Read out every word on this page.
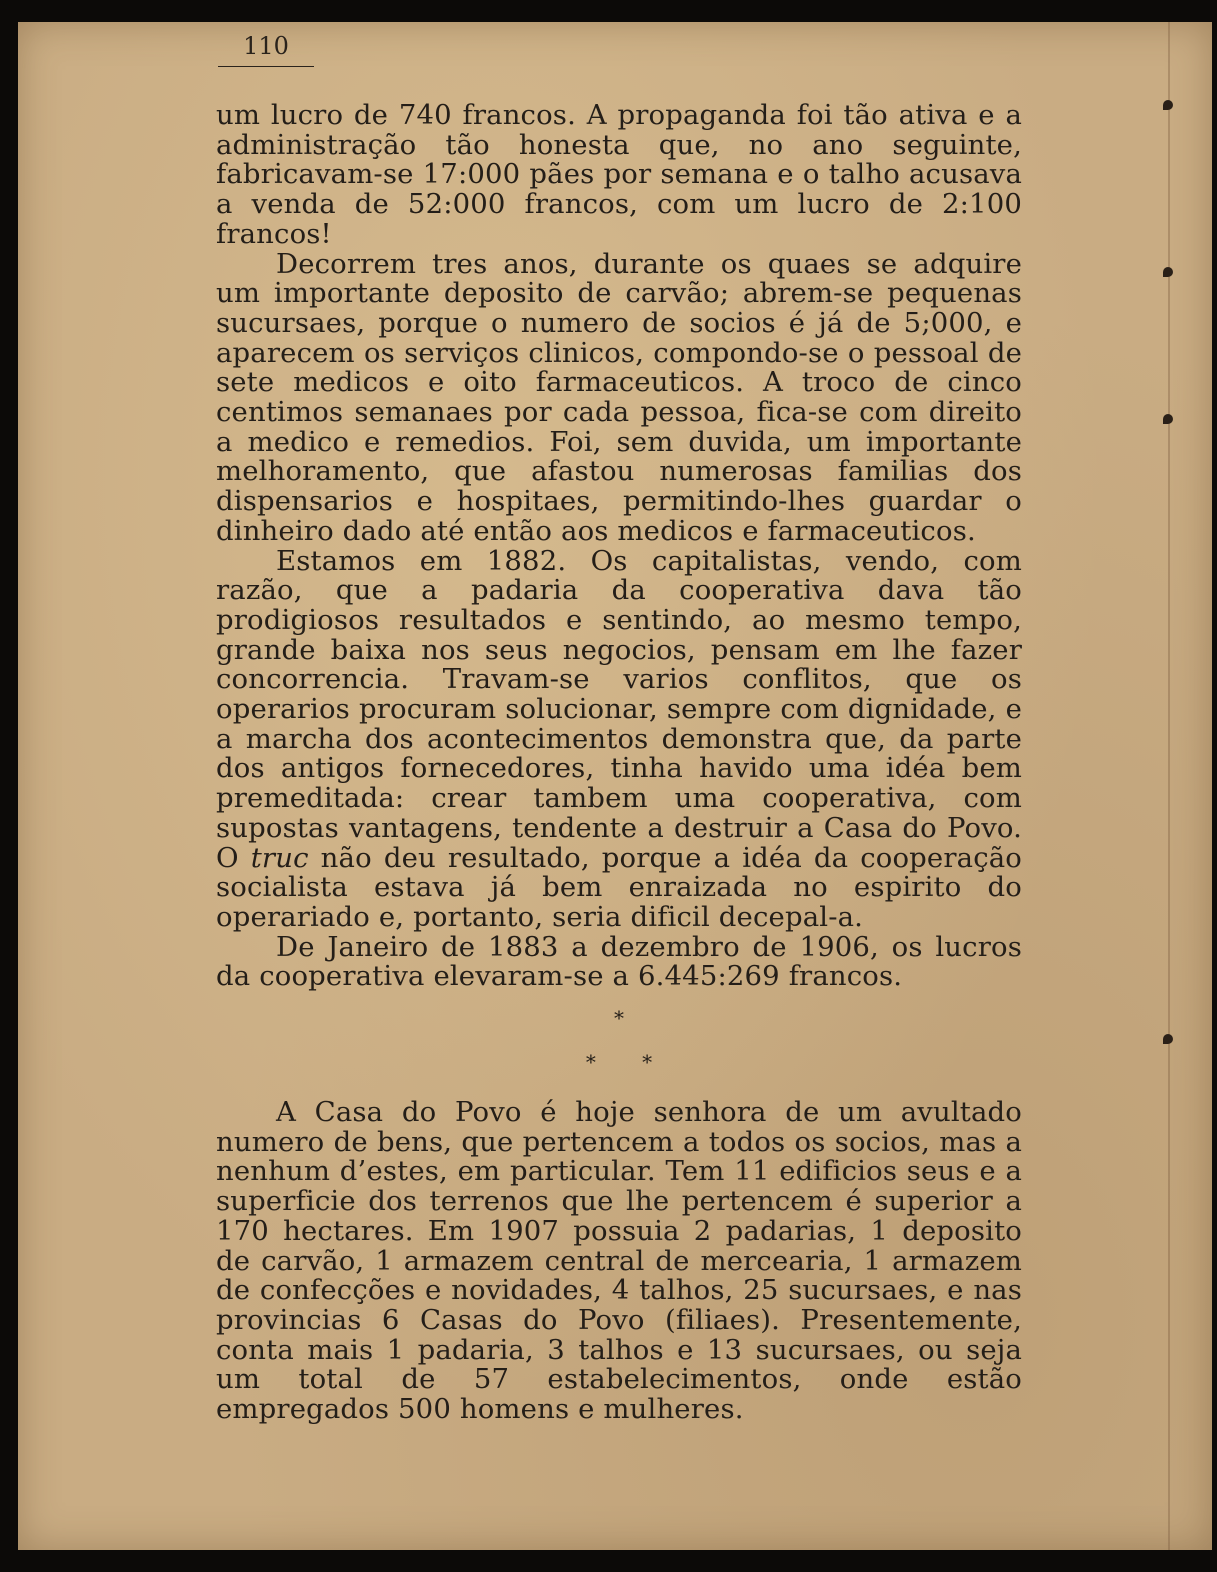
110

um lucro de 740 francos. A propaganda foi tão ativa e a administração tão honesta que, no ano seguinte, fabricavam-se 17:000 pães por semana e o talho acusava a venda de 52:000 francos, com um lucro de 2:100 francos!

Decorrem tres anos, durante os quaes se adquire um importante deposito de carvão; abrem-se pequenas sucursaes, porque o numero de socios é já de 5;000, e aparecem os serviços clinicos, compondo-se o pessoal de sete medicos e oito farmaceuticos. A troco de cinco centimos semanaes por cada pessoa, fica-se com direito a medico e remedios. Foi, sem duvida, um importante melhoramento, que afastou numerosas familias dos dispensarios e hospitaes, permitindo-lhes guardar o dinheiro dado até então aos medicos e farmaceuticos.

Estamos em 1882. Os capitalistas, vendo, com razão, que a padaria da cooperativa dava tão prodigiosos resultados e sentindo, ao mesmo tempo, grande baixa nos seus negocios, pensam em lhe fazer concorrencia. Travam-se varios conflitos, que os operarios procuram solucionar, sempre com dignidade, e a marcha dos acontecimentos demonstra que, da parte dos antigos fornecedores, tinha havido uma idéa bem premeditada: crear tambem uma cooperativa, com supostas vantagens, tendente a destruir a Casa do Povo. O truc não deu resultado, porque a idéa da cooperação socialista estava já bem enraizada no espirito do operariado e, portanto, seria dificil decepal-a.

De Janeiro de 1883 a dezembro de 1906, os lucros da cooperativa elevaram-se a 6.445:269 francos.

*
* *

A Casa do Povo é hoje senhora de um avultado numero de bens, que pertencem a todos os socios, mas a nenhum d’estes, em particular. Tem 11 edificios seus e a superficie dos terrenos que lhe pertencem é superior a 170 hectares. Em 1907 possuia 2 padarias, 1 deposito de carvão, 1 armazem central de mercearia, 1 armazem de confecções e novidades, 4 talhos, 25 sucursaes, e nas provincias 6 Casas do Povo (filiaes). Presentemente, conta mais 1 padaria, 3 talhos e 13 sucursaes, ou seja um total de 57 estabelecimentos, onde estão empregados 500 homens e mulheres.
